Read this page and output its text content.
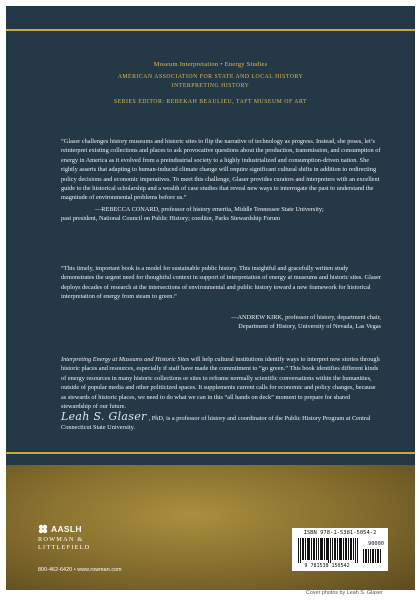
Museum Interpretation • Energy Studies

AMERICAN ASSOCIATION FOR STATE AND LOCAL HISTORY

INTERPRETING HISTORY

SERIES EDITOR: REBEKAH BEAULIEU, TAFT MUSEUM OF ART

“Glaser challenges history museums and historic sites to flip the narrative of technology as progress. Instead, she poses, let’s reinterpret existing collections and places to ask provocative questions about the production, transmission, and consumption of energy in America as it evolved from a preindustrial society to a highly industrialized and consumption-driven nation. She rightly asserts that adapting to human-induced climate change will require significant cultural shifts in addition to redirecting policy decisions and economic imperatives. To meet this challenge, Glaser provides curators and interpreters with an excellent guide to the historical scholarship and a wealth of case studies that reveal new ways to interrogate the past to understand the magnitude of environmental problems before us.”

—REBECCA CONARD, professor of history emerita, Middle Tennessee State University;
past president, National Council on Public History; coeditor, Parks Stewardship Forum

“This timely, important book is a model for sustainable public history. This insightful and gracefully written study demonstrates the urgent need for thoughtful context in support of interpretation of energy at museums and historic sites. Glaser deploys decades of research at the intersections of environmental and public history toward a new framework for historical interpretation of energy from steam to green.”

—ANDREW KIRK, professor of history, department chair,
Department of History, University of Nevada, Las Vegas

Interpreting Energy at Museums and Historic Sites will help cultural institutions identify ways to interpret new stories through historic places and resources, especially if staff have made the commitment to “go green.” This book identifies different kinds of energy resources in many historic collections or sites to reframe normally scientific conversations within the humanities, outside of popular media and other politicized spaces. It supplements current calls for economic and policy changes, because as stewards of historic places, we need to do what we can in this “all hands on deck” moment to prepare for shared stewardship of our future.

Leah S. Glaser , PhD, is a professor of history and coordinator of the Public History Program at Central Connecticut State University.
AASLH
ROWMAN &
LITTLEFIELD
800-462-6420 • www.rowman.com
ISBN 978-1-5381-5054-2
90000
9 781538 150542
Cover photos by Leah S. Glaser
